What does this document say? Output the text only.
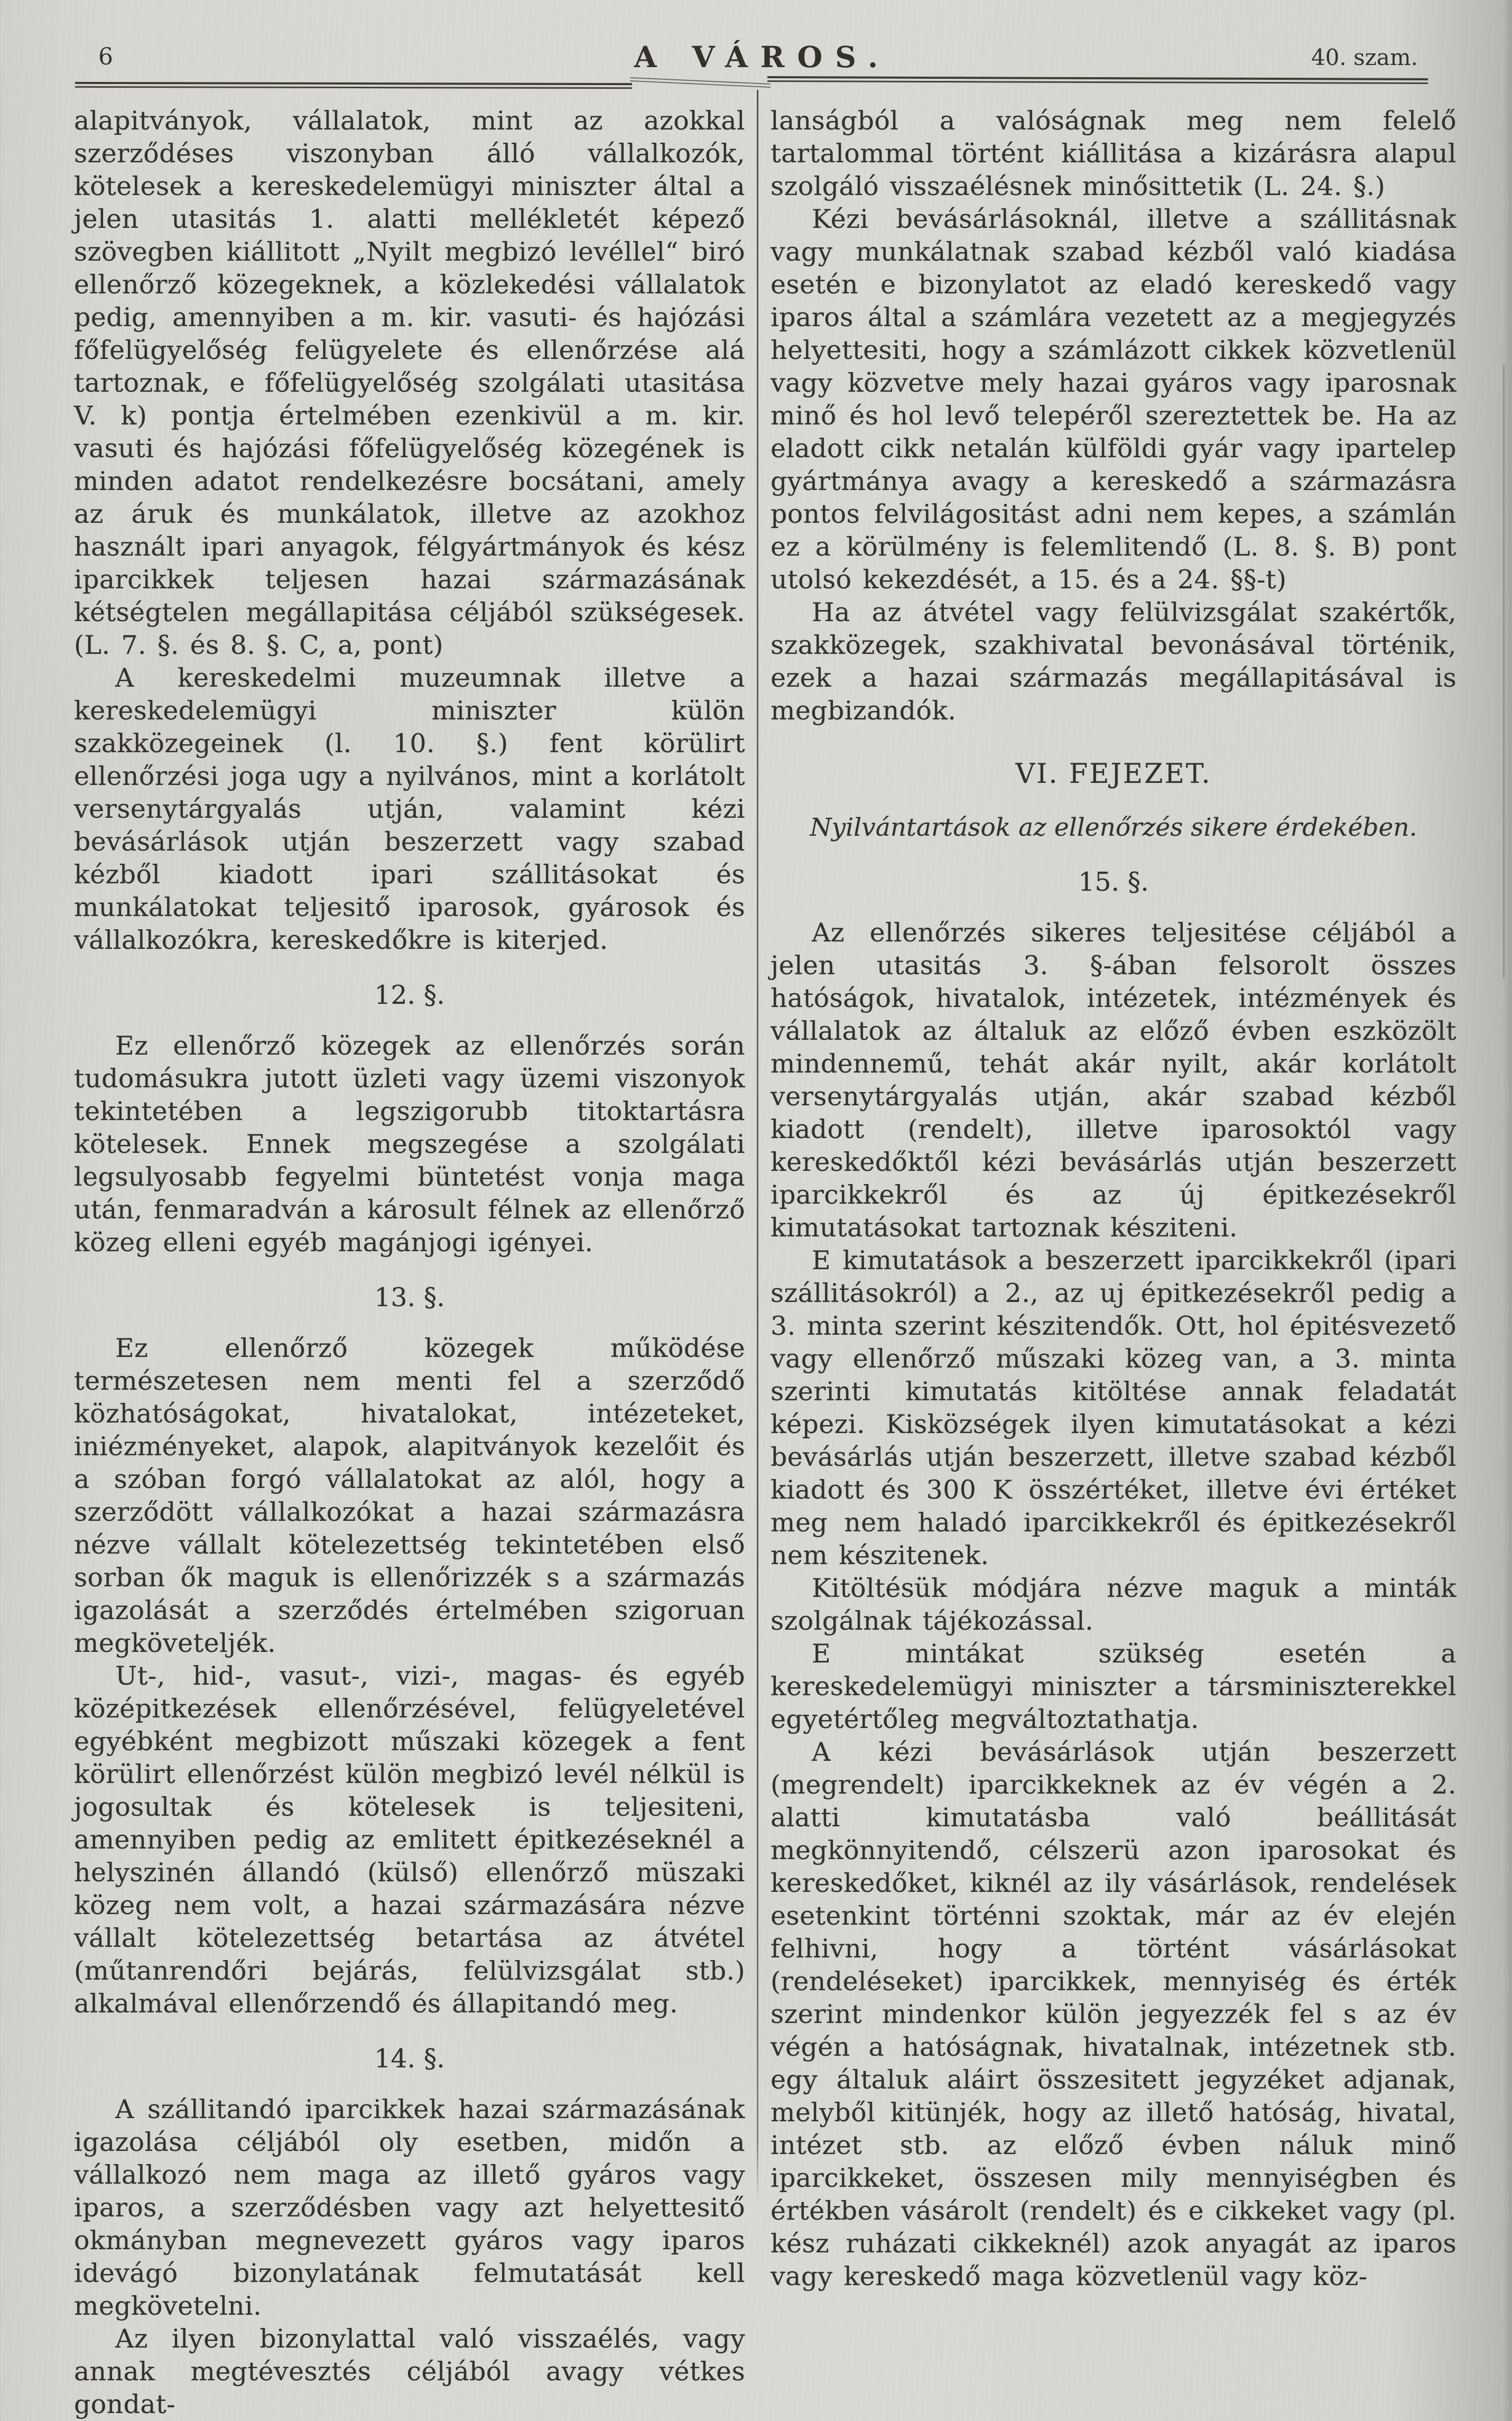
6	A VÁROS.	40. szam.

alapitványok, vállalatok, mint az azokkal szerződéses viszonyban álló vállalkozók, kötelesek a kereskedelemügyi miniszter által a jelen utasitás 1. alatti mellékletét képező szövegben kiállitott „Nyilt megbizó levéllel“ biró ellenőrző közegeknek, a közlekedési vállalatok pedig, amennyiben a m. kir. vasuti- és hajózási főfelügyelőség felügyelete és ellenőrzése alá tartoznak, e főfelügyelőség szolgálati utasitása V. k) pontja értelmében ezenkivül a m. kir. vasuti és hajózási főfelügyelőség közegének is minden adatot rendelkezésre bocsátani, amely az áruk és munkálatok, illetve az azokhoz használt ipari anyagok, félgyártmányok és kész iparcikkek teljesen hazai származásának kétségtelen megállapitása céljából szükségesek. (L. 7. §. és 8. §. C, a, pont)

A kereskedelmi muzeumnak illetve a kereskedelemügyi miniszter külön szakközegeinek (l. 10. §.) fent körülirt ellenőrzési joga ugy a nyilvános, mint a korlátolt versenytárgyalás utján, valamint kézi bevásárlások utján beszerzett vagy szabad kézből kiadott ipari szállitásokat és munkálatokat teljesitő iparosok, gyárosok és vállalkozókra, kereskedőkre is kiterjed.

12. §.

Ez ellenőrző közegek az ellenőrzés során tudomásukra jutott üzleti vagy üzemi viszonyok tekintetében a legszigorubb titoktartásra kötelesek. Ennek megszegése a szolgálati legsulyosabb fegyelmi büntetést vonja maga után, fenmaradván a károsult félnek az ellenőrző közeg elleni egyéb magánjogi igényei.

13. §.

Ez ellenőrző közegek működése természetesen nem menti fel a szerződő közhatóságokat, hivatalokat, intézeteket, iniézményeket, alapok, alapitványok kezelőit és a szóban forgó vállalatokat az alól, hogy a szerződött vállalkozókat a hazai származásra nézve vállalt kötelezettség tekintetében első sorban ők maguk is ellenőrizzék s a származás igazolását a szerződés értelmében szigoruan megköveteljék.

Ut-, hid-, vasut-, vizi-, magas- és egyéb középitkezések ellenőrzésével, felügyeletével egyébként megbizott műszaki közegek a fent körülirt ellenőrzést külön megbizó levél nélkül is jogosultak és kötelesek is teljesiteni, amennyiben pedig az emlitett épitkezéseknél a helyszinén állandó (külső) ellenőrző müszaki közeg nem volt, a hazai származására nézve vállalt kötelezettség betartása az átvétel (műtanrendőri bejárás, felülvizsgálat stb.) alkalmával ellenőrzendő és állapitandó meg.

14. §.

A szállitandó iparcikkek hazai származásának igazolása céljából oly esetben, midőn a vállalkozó nem maga az illető gyáros vagy iparos, a szerződésben vagy azt helyettesitő okmányban megnevezett gyáros vagy iparos idevágó bizonylatának felmutatását kell megkövetelni.

Az ilyen bizonylattal való visszaélés, vagy annak megtévesztés céljából avagy vétkes gondat-

lanságból a valóságnak meg nem felelő tartalommal történt kiállitása a kizárásra alapul szolgáló visszaélésnek minősittetik (L. 24. §.)

Kézi bevásárlásoknál, illetve a szállitásnak vagy munkálatnak szabad kézből való kiadása esetén e bizonylatot az eladó kereskedő vagy iparos által a számlára vezetett az a megjegyzés helyettesiti, hogy a számlázott cikkek közvetlenül vagy közvetve mely hazai gyáros vagy iparosnak minő és hol levő telepéről szereztettek be. Ha az eladott cikk netalán külföldi gyár vagy ipartelep gyártmánya avagy a kereskedő a származásra pontos felvilágositást adni nem kepes, a számlán ez a körülmény is felemlitendő (L. 8. §. B) pont utolsó kekezdését, a 15. és a 24. §§-t)

Ha az átvétel vagy felülvizsgálat szakértők, szakközegek, szakhivatal bevonásával történik, ezek a hazai származás megállapitásával is megbizandók.

VI. FEJEZET.
Nyilvántartások az ellenőrzés sikere érdekében.
15. §.

Az ellenőrzés sikeres teljesitése céljából a jelen utasitás 3. §-ában felsorolt összes hatóságok, hivatalok, intézetek, intézmények és vállalatok az általuk az előző évben eszközölt mindennemű, tehát akár nyilt, akár korlátolt versenytárgyalás utján, akár szabad kézből kiadott (rendelt), illetve iparosoktól vagy kereskedőktől kézi bevásárlás utján beszerzett iparcikkekről és az új épitkezésekről kimutatásokat tartoznak késziteni.

E kimutatások a beszerzett iparcikkekről (ipari szállitásokról) a 2., az uj épitkezésekről pedig a 3. minta szerint készitendők. Ott, hol épitésvezető vagy ellenőrző műszaki közeg van, a 3. minta szerinti kimutatás kitöltése annak feladatát képezi. Kisközségek ilyen kimutatásokat a kézi bevásárlás utján beszerzett, illetve szabad kézből kiadott és 300 K összértéket, illetve évi értéket meg nem haladó iparcikkekről és épitkezésekről nem készitenek.

Kitöltésük módjára nézve maguk a minták szolgálnak tájékozással.

E mintákat szükség esetén a kereskedelemügyi miniszter a társminiszterekkel egyetértőleg megváltoztathatja.

A kézi bevásárlások utján beszerzett (megrendelt) iparcikkeknek az év végén a 2. alatti kimutatásba való beállitását megkönnyitendő, célszerü azon iparosokat és kereskedőket, kiknél az ily vásárlások, rendelések esetenkint történni szoktak, már az év elején felhivni, hogy a történt vásárlásokat (rendeléseket) iparcikkek, mennyiség és érték szerint mindenkor külön jegyezzék fel s az év végén a hatóságnak, hivatalnak, intézetnek stb. egy általuk aláirt összesitett jegyzéket adjanak, melyből kitünjék, hogy az illető hatóság, hivatal, intézet stb. az előző évben náluk minő iparcikkeket, összesen mily mennyiségben és értékben vásárolt (rendelt) és e cikkeket vagy (pl. kész ruházati cikkeknél) azok anyagát az iparos vagy kereskedő maga közvetlenül vagy köz-
